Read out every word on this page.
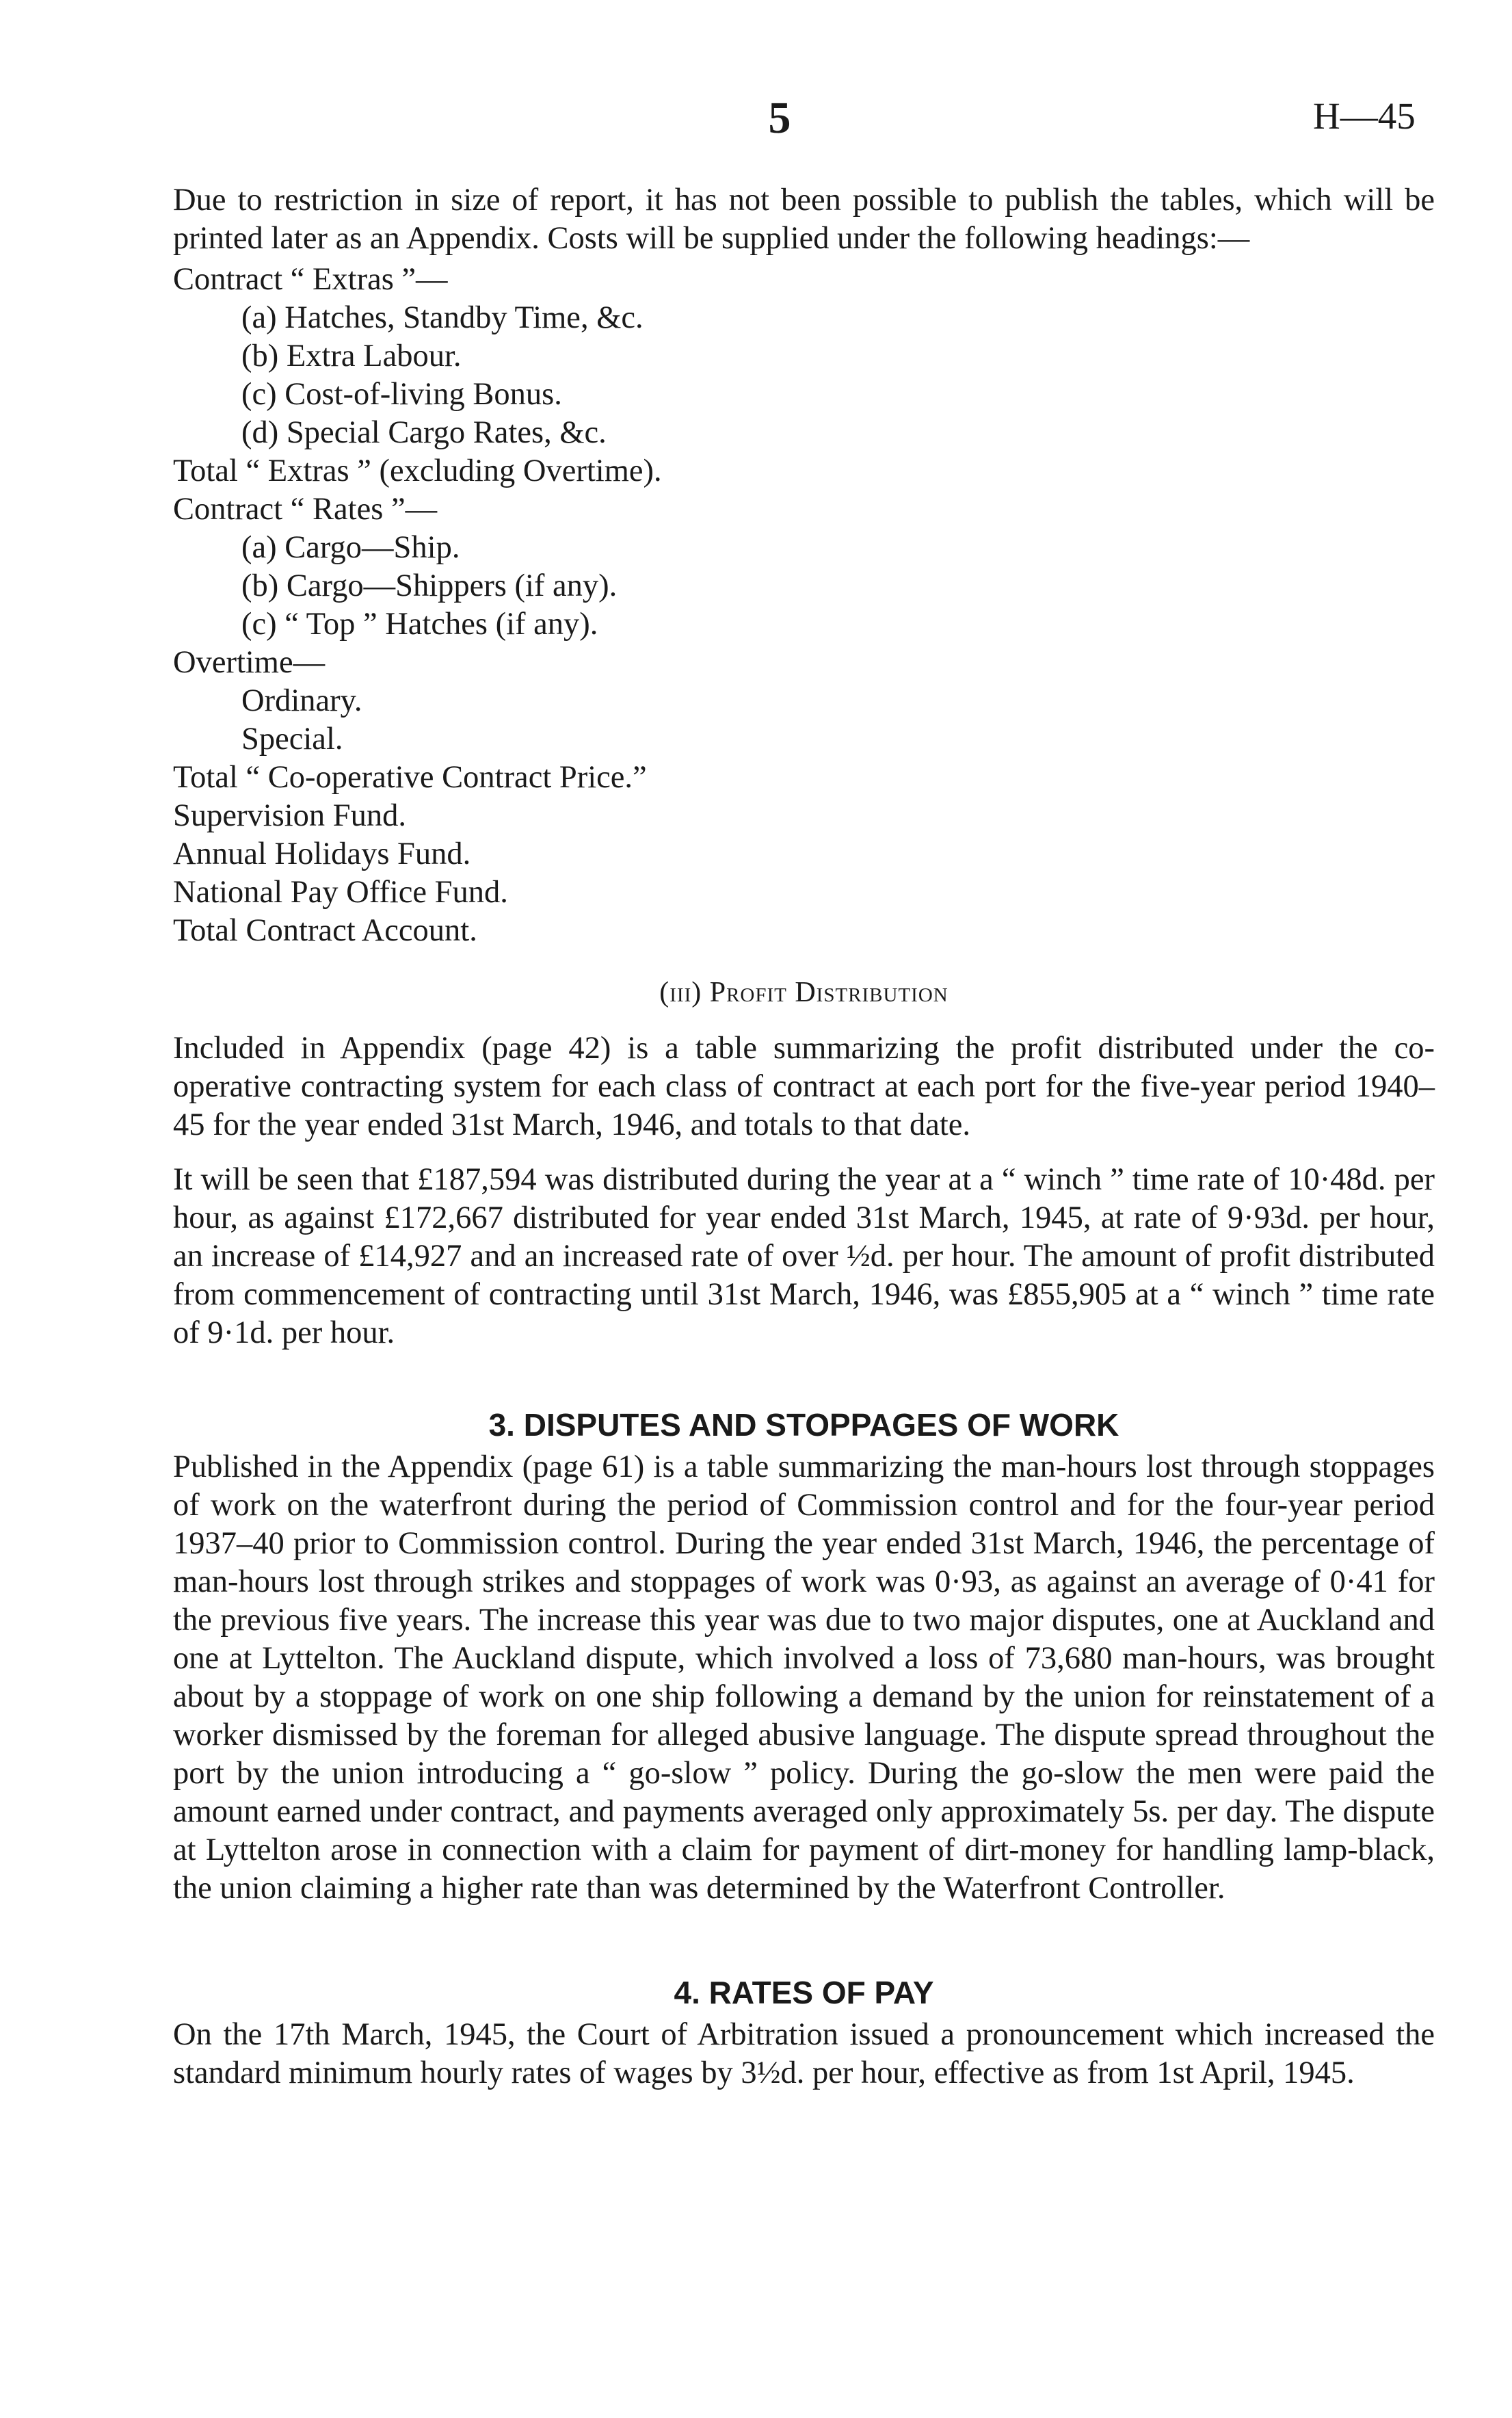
5	H—45

Due to restriction in size of report, it has not been possible to publish the tables, which will be printed later as an Appendix. Costs will be supplied under the following headings:—

Contract “ Extras ”—
(a) Hatches, Standby Time, &c.
(b) Extra Labour.
(c) Cost-of-living Bonus.
(d) Special Cargo Rates, &c.
Total “ Extras ” (excluding Overtime).
Contract “ Rates ”—
(a) Cargo—Ship.
(b) Cargo—Shippers (if any).
(c) “ Top ” Hatches (if any).
Overtime—
Ordinary.
Special.
Total “ Co-operative Contract Price.”
Supervision Fund.
Annual Holidays Fund.
National Pay Office Fund.
Total Contract Account.
(iii) Profit Distribution

Included in Appendix (page 42) is a table summarizing the profit distributed under the co-operative contracting system for each class of contract at each port for the five-year period 1940–45 for the year ended 31st March, 1946, and totals to that date.

It will be seen that £187,594 was distributed during the year at a “ winch ” time rate of 10·48d. per hour, as against £172,667 distributed for year ended 31st March, 1945, at rate of 9·93d. per hour, an increase of £14,927 and an increased rate of over ½d. per hour. The amount of profit distributed from commencement of contracting until 31st March, 1946, was £855,905 at a “ winch ” time rate of 9·1d. per hour.

3. DISPUTES AND STOPPAGES OF WORK

Published in the Appendix (page 61) is a table summarizing the man-hours lost through stoppages of work on the waterfront during the period of Commission control and for the four-year period 1937–40 prior to Commission control. During the year ended 31st March, 1946, the percentage of man-hours lost through strikes and stoppages of work was 0·93, as against an average of 0·41 for the previous five years. The increase this year was due to two major disputes, one at Auckland and one at Lyttelton. The Auckland dispute, which involved a loss of 73,680 man-hours, was brought about by a stoppage of work on one ship following a demand by the union for reinstatement of a worker dismissed by the foreman for alleged abusive language. The dispute spread throughout the port by the union introducing a “ go-slow ” policy. During the go-slow the men were paid the amount earned under contract, and payments averaged only approximately 5s. per day. The dispute at Lyttelton arose in connection with a claim for payment of dirt-money for handling lamp-black, the union claiming a higher rate than was determined by the Waterfront Controller.

4. RATES OF PAY

On the 17th March, 1945, the Court of Arbitration issued a pronouncement which increased the standard minimum hourly rates of wages by 3½d. per hour, effective as from 1st April, 1945.
